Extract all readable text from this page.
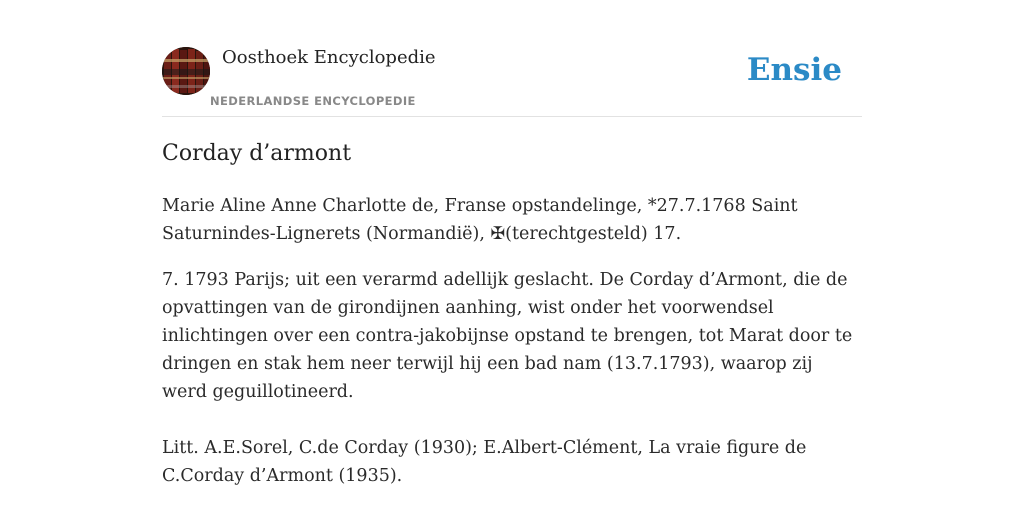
Oosthoek Encyclopedie
NEDERLANDSE ENCYCLOPEDIE
Ensie
Corday d’armont

Marie Aline Anne Charlotte de, Franse opstandelinge, *27.7.1768 Saint Saturnindes-Lignerets (Normandië), ✠(terechtgesteld) 17.

7. 1793 Parijs; uit een verarmd adellijk geslacht. De Corday d’Armont, die de opvattingen van de girondijnen aanhing, wist onder het voorwendsel inlichtingen over een contra-jakobijnse opstand te brengen, tot Marat door te dringen en stak hem neer terwijl hij een bad nam (13.7.1793), waarop zij werd geguillotineerd.

Litt. A.E.Sorel, C.de Corday (1930); E.Albert-Clément, La vraie figure de C.Corday d’Armont (1935).
